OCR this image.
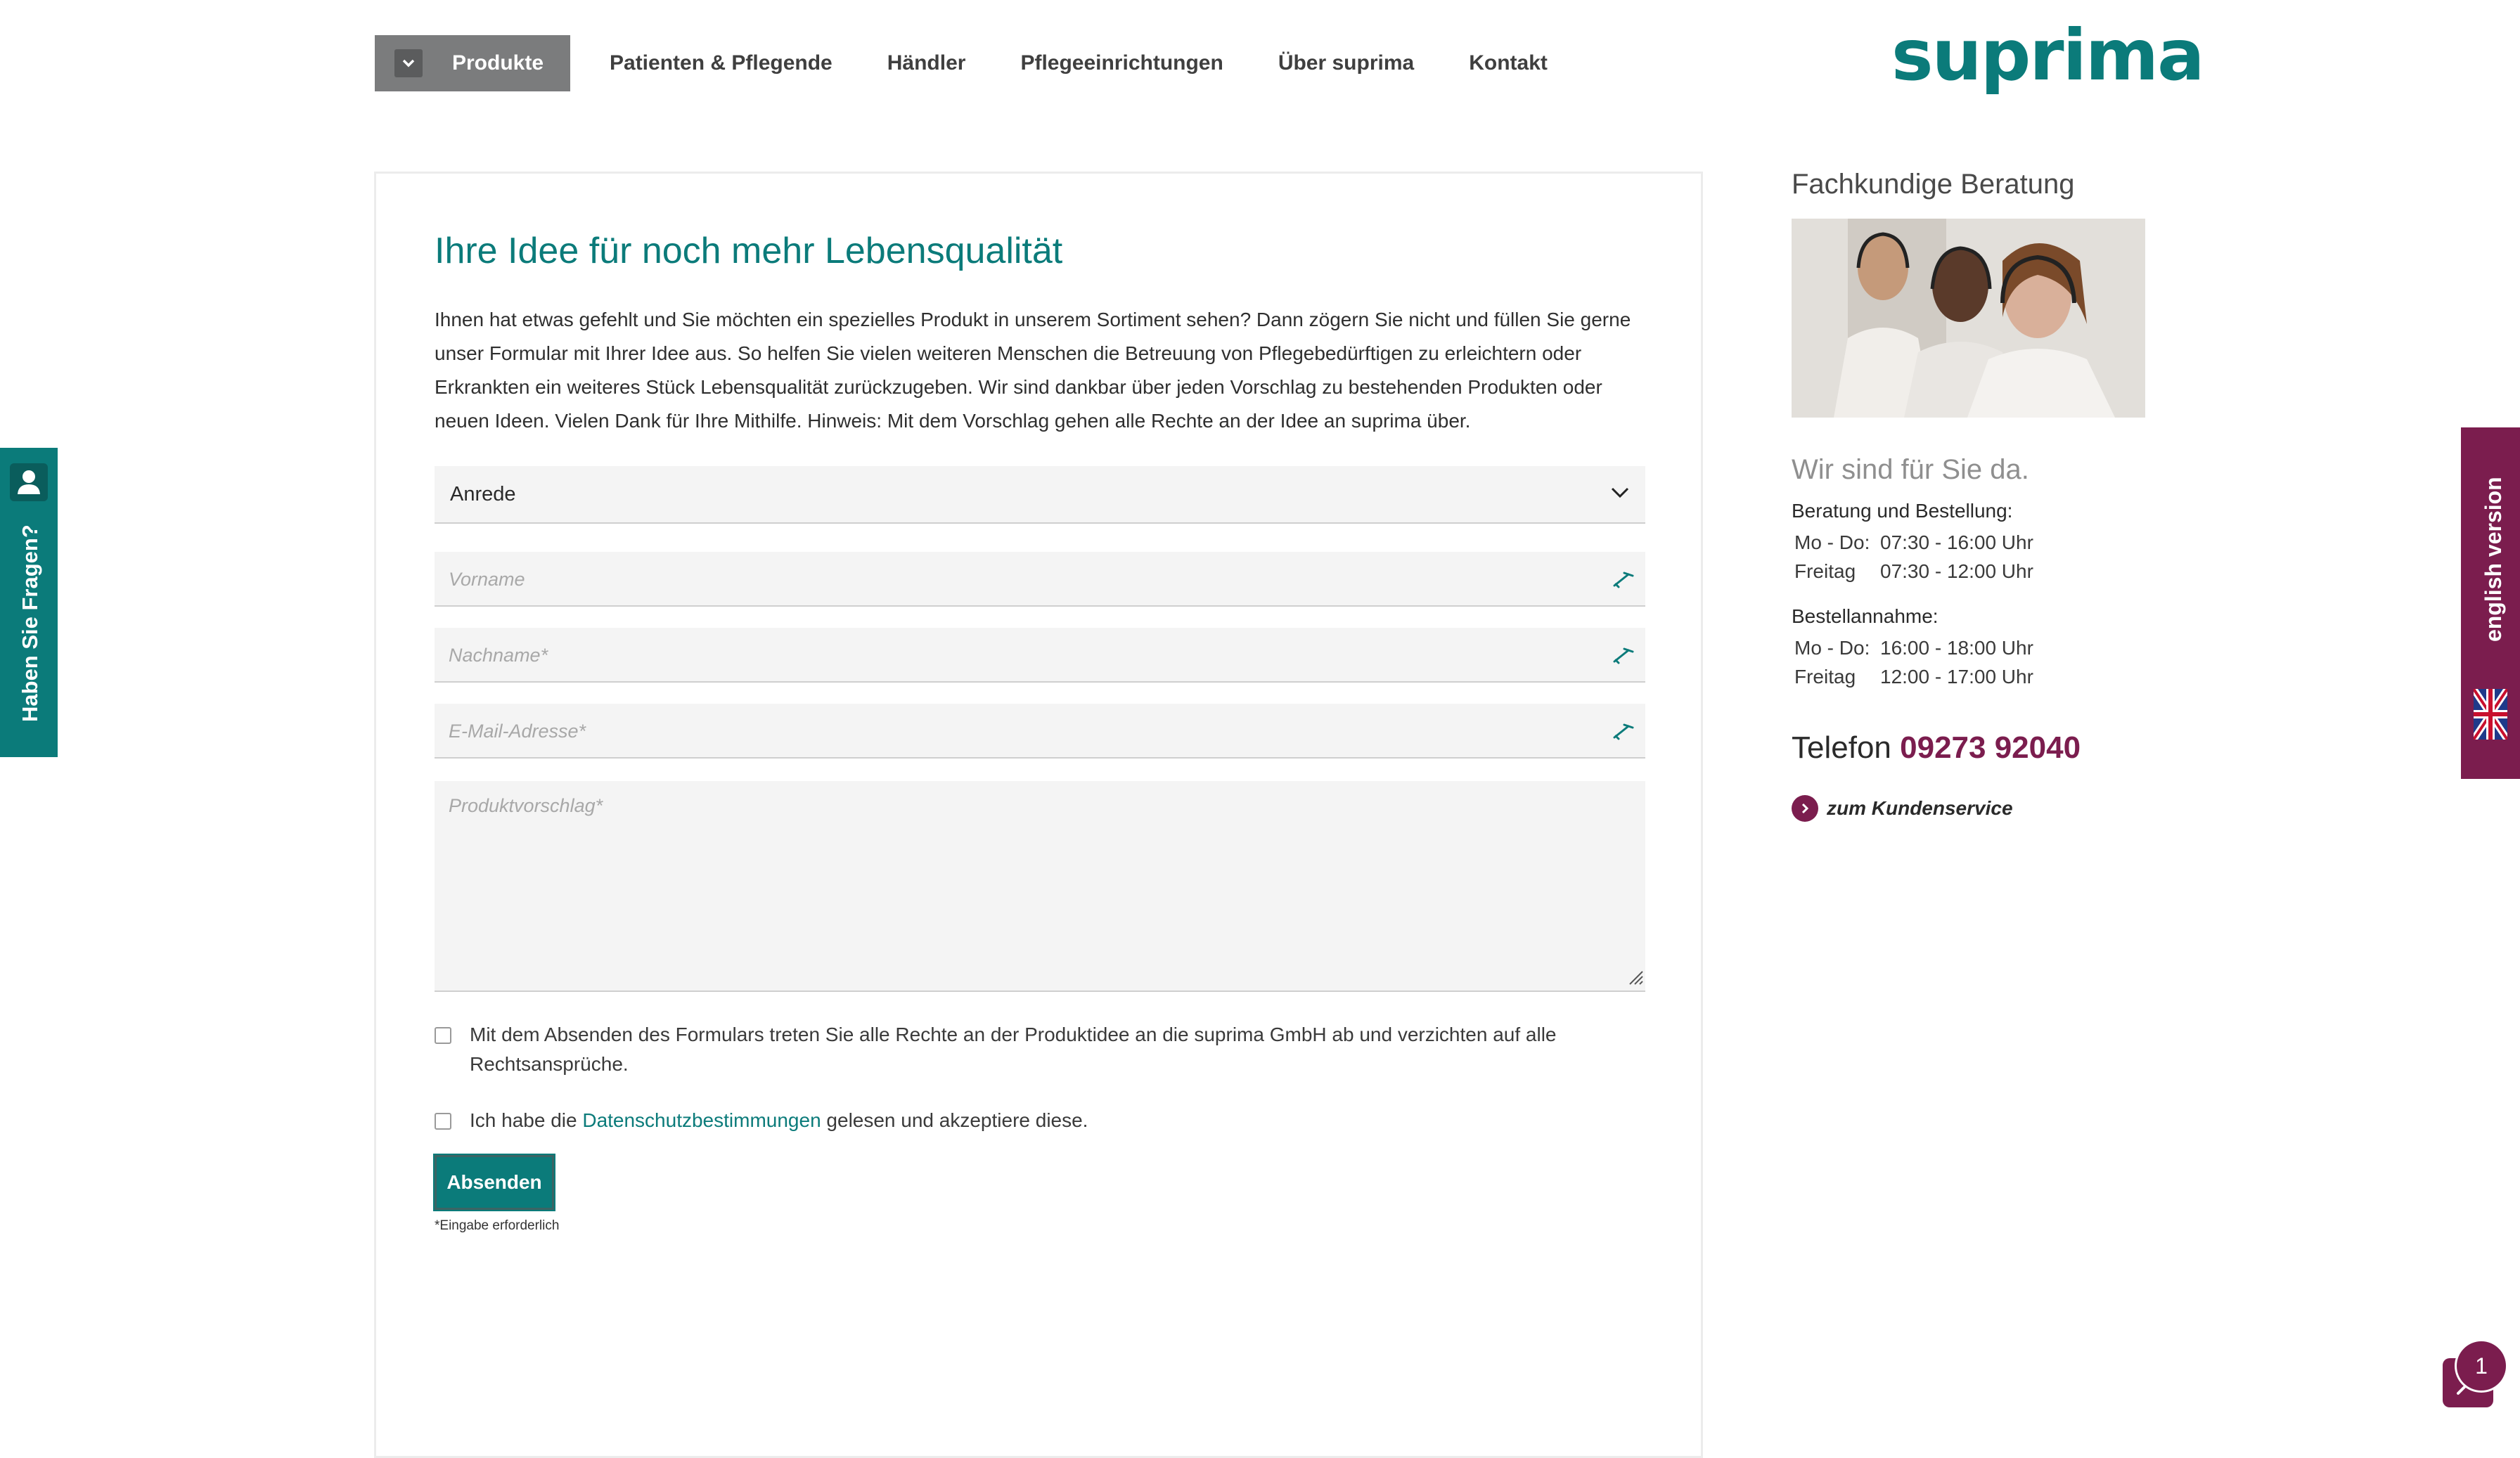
Produkte	Patienten & Pflegende	Händler	Pflegeeinrichtungen	Über suprima	Kontakt	suprima
Ihre Idee für noch mehr Lebensqualität

Ihnen hat etwas gefehlt und Sie möchten ein spezielles Produkt in unserem Sortiment sehen? Dann zögern Sie nicht und füllen Sie gerne unser Formular mit Ihrer Idee aus. So helfen Sie vielen weiteren Menschen die Betreuung von Pflegebedürftigen zu erleichtern oder Erkrankten ein weiteres Stück Lebensqualität zurückzugeben. Wir sind dankbar über jeden Vorschlag zu bestehenden Produkten oder neuen Ideen. Vielen Dank für Ihre Mithilfe. Hinweis: Mit dem Vorschlag gehen alle Rechte an der Idee an suprima über.

Anrede
Vorname
Nachname*
E-Mail-Adresse*
Produktvorschlag*
Mit dem Absenden des Formulars treten Sie alle Rechte an der Produktidee an die suprima GmbH ab und verzichten auf alle Rechtsansprüche.
Ich habe die Datenschutzbestimmungen gelesen und akzeptiere diese.
Absenden
*Eingabe erforderlich
Fachkundige Beratung
Wir sind für Sie da.
Beratung und Bestellung:
Mo - Do: 07:30 - 16:00 Uhr
Freitag	07:30 - 12:00 Uhr
Bestellannahme:
Mo - Do: 16:00 - 18:00 Uhr
Freitag	12:00 - 17:00 Uhr
Telefon 09273 92040
zum Kundenservice
Haben Sie Fragen?	english version
1
